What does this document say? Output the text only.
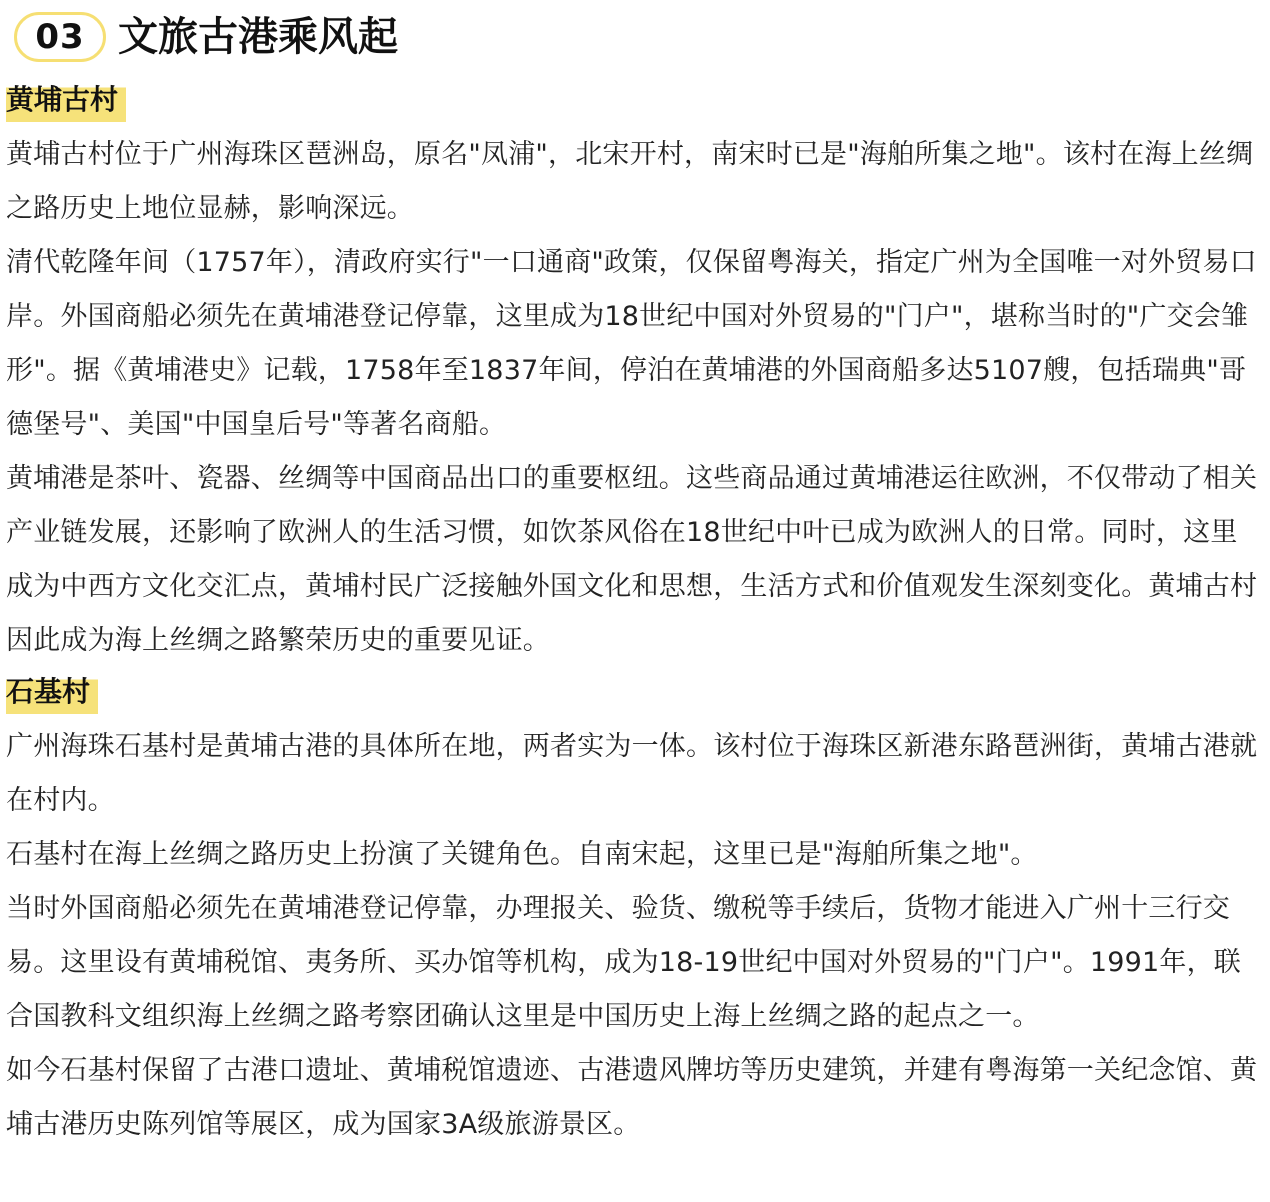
03 文旅古港乘风起
黄埔古村

黄埔古村位于广州海珠区琶洲岛，原名"凤浦"，北宋开村，南宋时已是"海舶所集之地"。该村在海上丝绸之路历史上地位显赫，影响深远。

清代乾隆年间（1757年），清政府实行"一口通商"政策，仅保留粤海关，指定广州为全国唯一对外贸易口岸。外国商船必须先在黄埔港登记停靠，这里成为18世纪中国对外贸易的"门户"，堪称当时的"广交会雏形"。据《黄埔港史》记载，1758年至1837年间，停泊在黄埔港的外国商船多达5107艘，包括瑞典"哥德堡号"、美国"中国皇后号"等著名商船。

黄埔港是茶叶、瓷器、丝绸等中国商品出口的重要枢纽。这些商品通过黄埔港运往欧洲，不仅带动了相关产业链发展，还影响了欧洲人的生活习惯，如饮茶风俗在18世纪中叶已成为欧洲人的日常。同时，这里成为中西方文化交汇点，黄埔村民广泛接触外国文化和思想，生活方式和价值观发生深刻变化。黄埔古村因此成为海上丝绸之路繁荣历史的重要见证。

石基村

广州海珠石基村是黄埔古港的具体所在地，两者实为一体。该村位于海珠区新港东路琶洲街，黄埔古港就在村内。

石基村在海上丝绸之路历史上扮演了关键角色。自南宋起，这里已是"海舶所集之地"。

当时外国商船必须先在黄埔港登记停靠，办理报关、验货、缴税等手续后，货物才能进入广州十三行交易。这里设有黄埔税馆、夷务所、买办馆等机构，成为18-19世纪中国对外贸易的"门户"。1991年，联合国教科文组织海上丝绸之路考察团确认这里是中国历史上海上丝绸之路的起点之一。

如今石基村保留了古港口遗址、黄埔税馆遗迹、古港遗风牌坊等历史建筑，并建有粤海第一关纪念馆、黄埔古港历史陈列馆等展区，成为国家3A级旅游景区。
